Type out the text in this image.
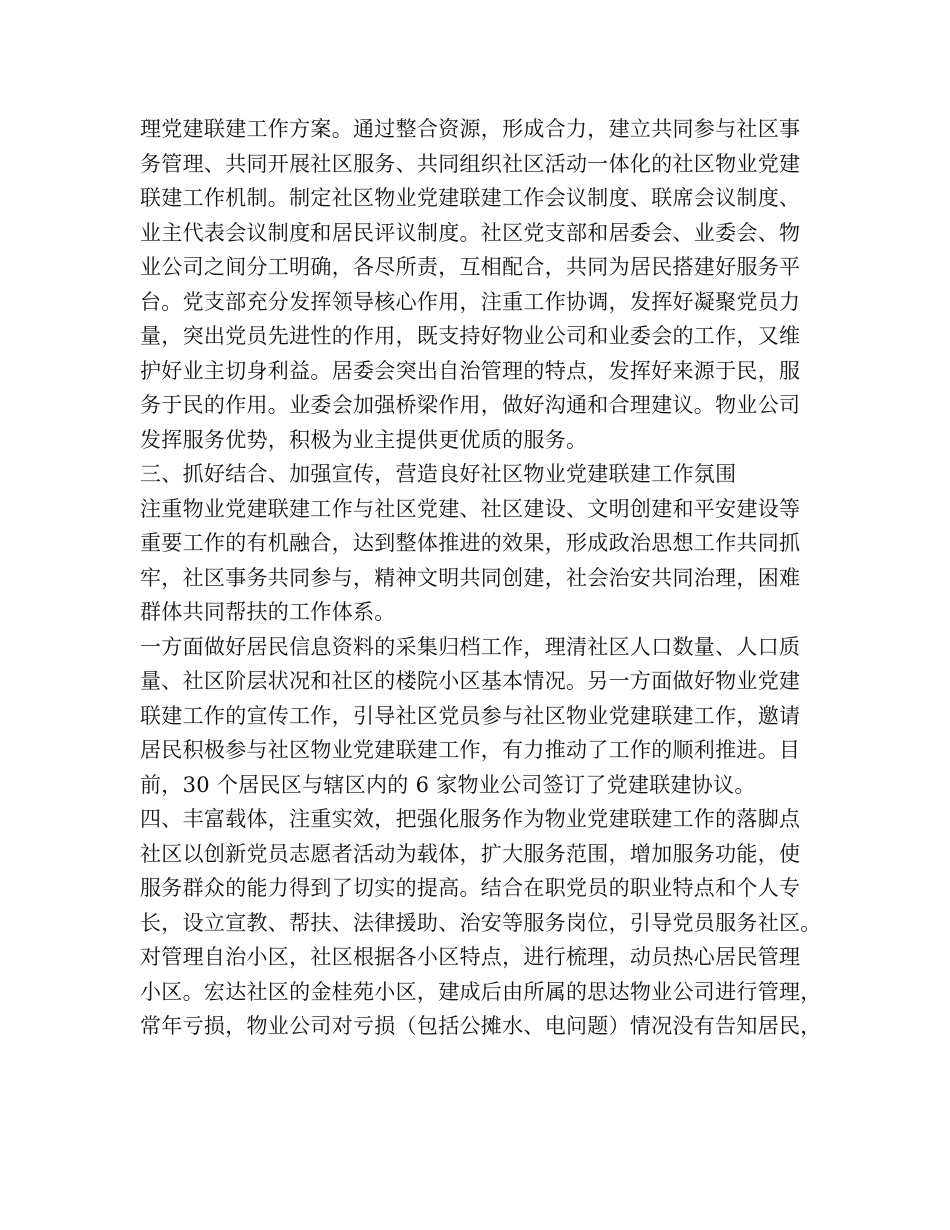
理党建联建工作方案。通过整合资源，形成合力，建立共同参与社区事
务管理、共同开展社区服务、共同组织社区活动一体化的社区物业党建
联建工作机制。制定社区物业党建联建工作会议制度、联席会议制度、
业主代表会议制度和居民评议制度。社区党支部和居委会、业委会、物
业公司之间分工明确，各尽所责，互相配合，共同为居民搭建好服务平
台。党支部充分发挥领导核心作用，注重工作协调，发挥好凝聚党员力
量，突出党员先进性的作用，既支持好物业公司和业委会的工作，又维
护好业主切身利益。居委会突出自治管理的特点，发挥好来源于民，服
务于民的作用。业委会加强桥梁作用，做好沟通和合理建议。物业公司
发挥服务优势，积极为业主提供更优质的服务。
三、抓好结合、加强宣传，营造良好社区物业党建联建工作氛围
注重物业党建联建工作与社区党建、社区建设、文明创建和平安建设等
重要工作的有机融合，达到整体推进的效果，形成政治思想工作共同抓
牢，社区事务共同参与，精神文明共同创建，社会治安共同治理，困难
群体共同帮扶的工作体系。
一方面做好居民信息资料的采集归档工作，理清社区人口数量、人口质
量、社区阶层状况和社区的楼院小区基本情况。另一方面做好物业党建
联建工作的宣传工作，引导社区党员参与社区物业党建联建工作，邀请
居民积极参与社区物业党建联建工作，有力推动了工作的顺利推进。目
前，30 个居民区与辖区内的 6 家物业公司签订了党建联建协议。
四、丰富载体，注重实效，把强化服务作为物业党建联建工作的落脚点
社区以创新党员志愿者活动为载体，扩大服务范围，增加服务功能，使
服务群众的能力得到了切实的提高。结合在职党员的职业特点和个人专
长，设立宣教、帮扶、法律援助、治安等服务岗位，引导党员服务社区。
对管理自治小区，社区根据各小区特点，进行梳理，动员热心居民管理
小区。宏达社区的金桂苑小区，建成后由所属的思达物业公司进行管理，
常年亏损，物业公司对亏损（包括公摊水、电问题）情况没有告知居民，
